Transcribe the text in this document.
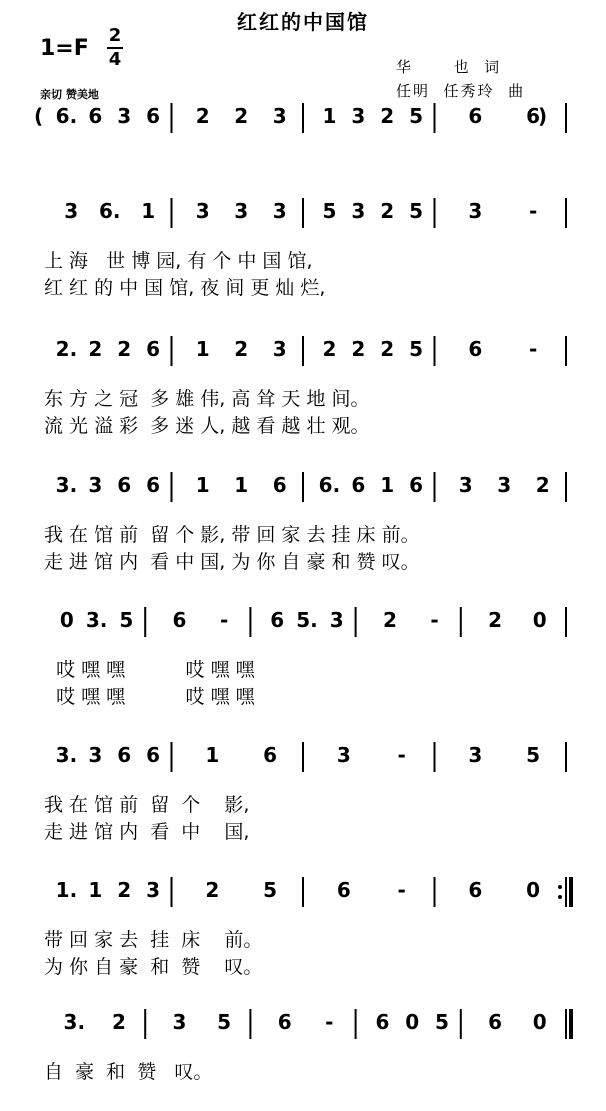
红红的中国馆
1=F
2
4	华      也  词
任明  任秀玲  曲
亲切 赞美地
6. 6 3 6 2 2 3 1 3 2 5 6 6
(	)
3 6. 1 3 3 3 5 3 2 5 3 -
2. 2 2 6 1 2 3 2 2 2 5 6 -
3. 3 6 6 1 1 6 6. 6 1 6 3 3 2
0 3. 5 6 - 6 5. 3 2 - 2 0
3. 3 6 6 1 6	3 -	3 5
1. 1 2 3 2 5	6 -	6 0
3. 2 3 5 6 - 6 0 5 6 0
上 海   世 博 园, 有 个 中 国 馆,
红 红 的 中 国 馆, 夜 间 更 灿 烂,
东 方 之 冠  多 雄 伟, 高 耸 天 地 间。
流 光 溢 彩  多 迷 人, 越 看 越 壮 观。
我 在 馆 前  留 个 影, 带 回 家 去 挂 床 前。
走 进 馆 内  看 中 国, 为 你 自 豪 和 赞 叹。
哎 嘿 嘿          哎 嘿 嘿
哎 嘿 嘿          哎 嘿 嘿
我 在 馆 前  留  个    影,
走 进 馆 内  看  中    国,
带 回 家 去  挂  床    前。
为 你 自 豪  和  赞    叹。
自  豪  和  赞   叹。
